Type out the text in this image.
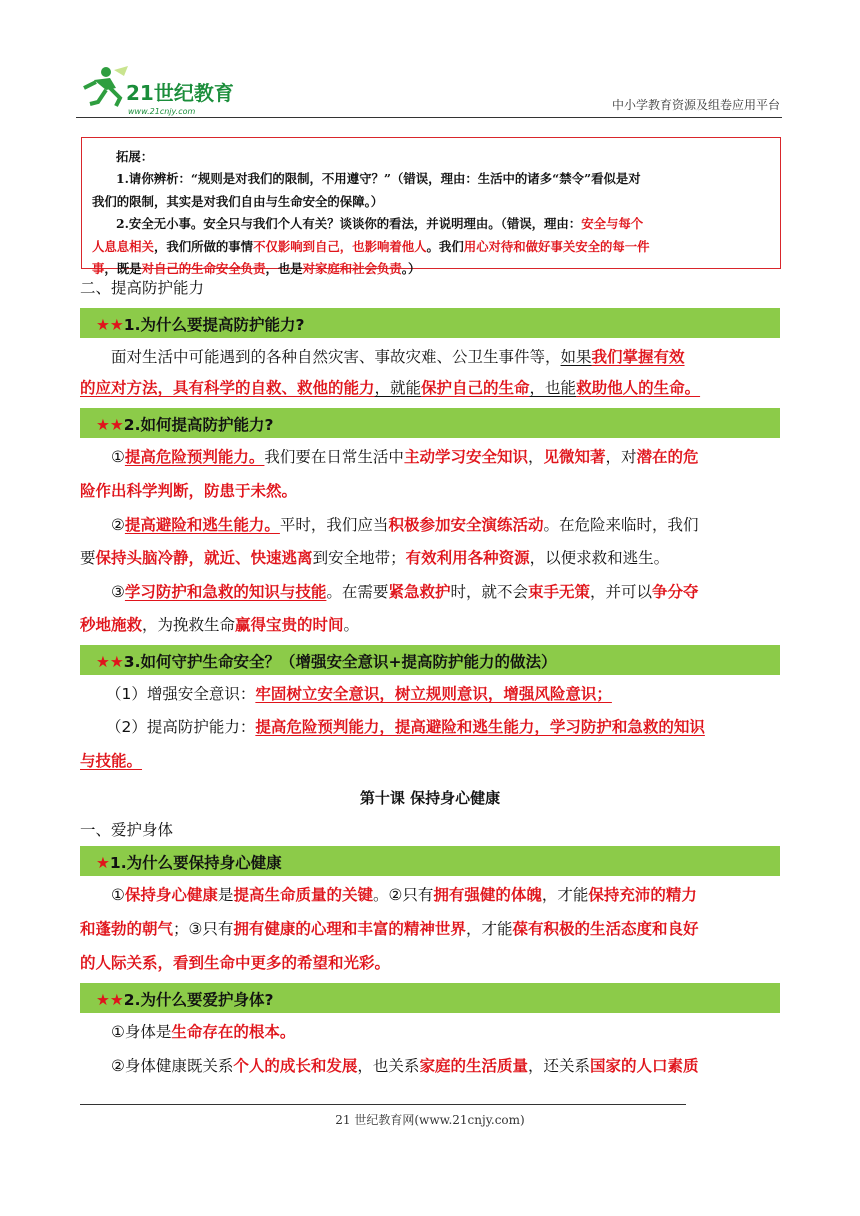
21世纪教育
www.21cnjy.com	中小学教育资源及组卷应用平台

拓展：

1.请你辨析：“规则是对我们的限制，不用遵守？”（错误，理由：生活中的诸多“禁令”看似是对

我们的限制，其实是对我们自由与生命安全的保障。）

2.安全无小事。安全只与我们个人有关？谈谈你的看法，并说明理由。（错误，理由：安全与每个

人息息相关，我们所做的事情不仅影响到自己，也影响着他人。我们用心对待和做好事关安全的每一件

事，既是对自己的生命安全负责，也是对家庭和社会负责。）

二、提高防护能力
★★1.为什么要提高防护能力?
面对生活中可能遇到的各种自然灾害、事故灾难、公卫生事件等，如果我们掌握有效
的应对方法，具有科学的自救、救他的能力，就能保护自己的生命，也能救助他人的生命。
★★2.如何提高防护能力?
①提高危险预判能力。我们要在日常生活中主动学习安全知识，见微知著，对潜在的危
险作出科学判断，防患于未然。
②提高避险和逃生能力。平时，我们应当积极参加安全演练活动。在危险来临时，我们
要保持头脑冷静，就近、快速逃离到安全地带；有效利用各种资源，以便求救和逃生。
③学习防护和急救的知识与技能。在需要紧急救护时，就不会束手无策，并可以争分夺
秒地施救，为挽救生命赢得宝贵的时间。
★★3.如何守护生命安全？（增强安全意识+提高防护能力的做法）
（1）增强安全意识：牢固树立安全意识，树立规则意识，增强风险意识；
（2）提高防护能力：提高危险预判能力，提高避险和逃生能力，学习防护和急救的知识
与技能。
第十课 保持身心健康
一、爱护身体
★1.为什么要保持身心健康
①保持身心健康是提高生命质量的关键。②只有拥有强健的体魄，才能保持充沛的精力
和蓬勃的朝气；③只有拥有健康的心理和丰富的精神世界，才能葆有积极的生活态度和良好
的人际关系，看到生命中更多的希望和光彩。
★★2.为什么要爱护身体?
①身体是生命存在的根本。
②身体健康既关系个人的成长和发展，也关系家庭的生活质量，还关系国家的人口素质
21 世纪教育网(www.21cnjy.com)
